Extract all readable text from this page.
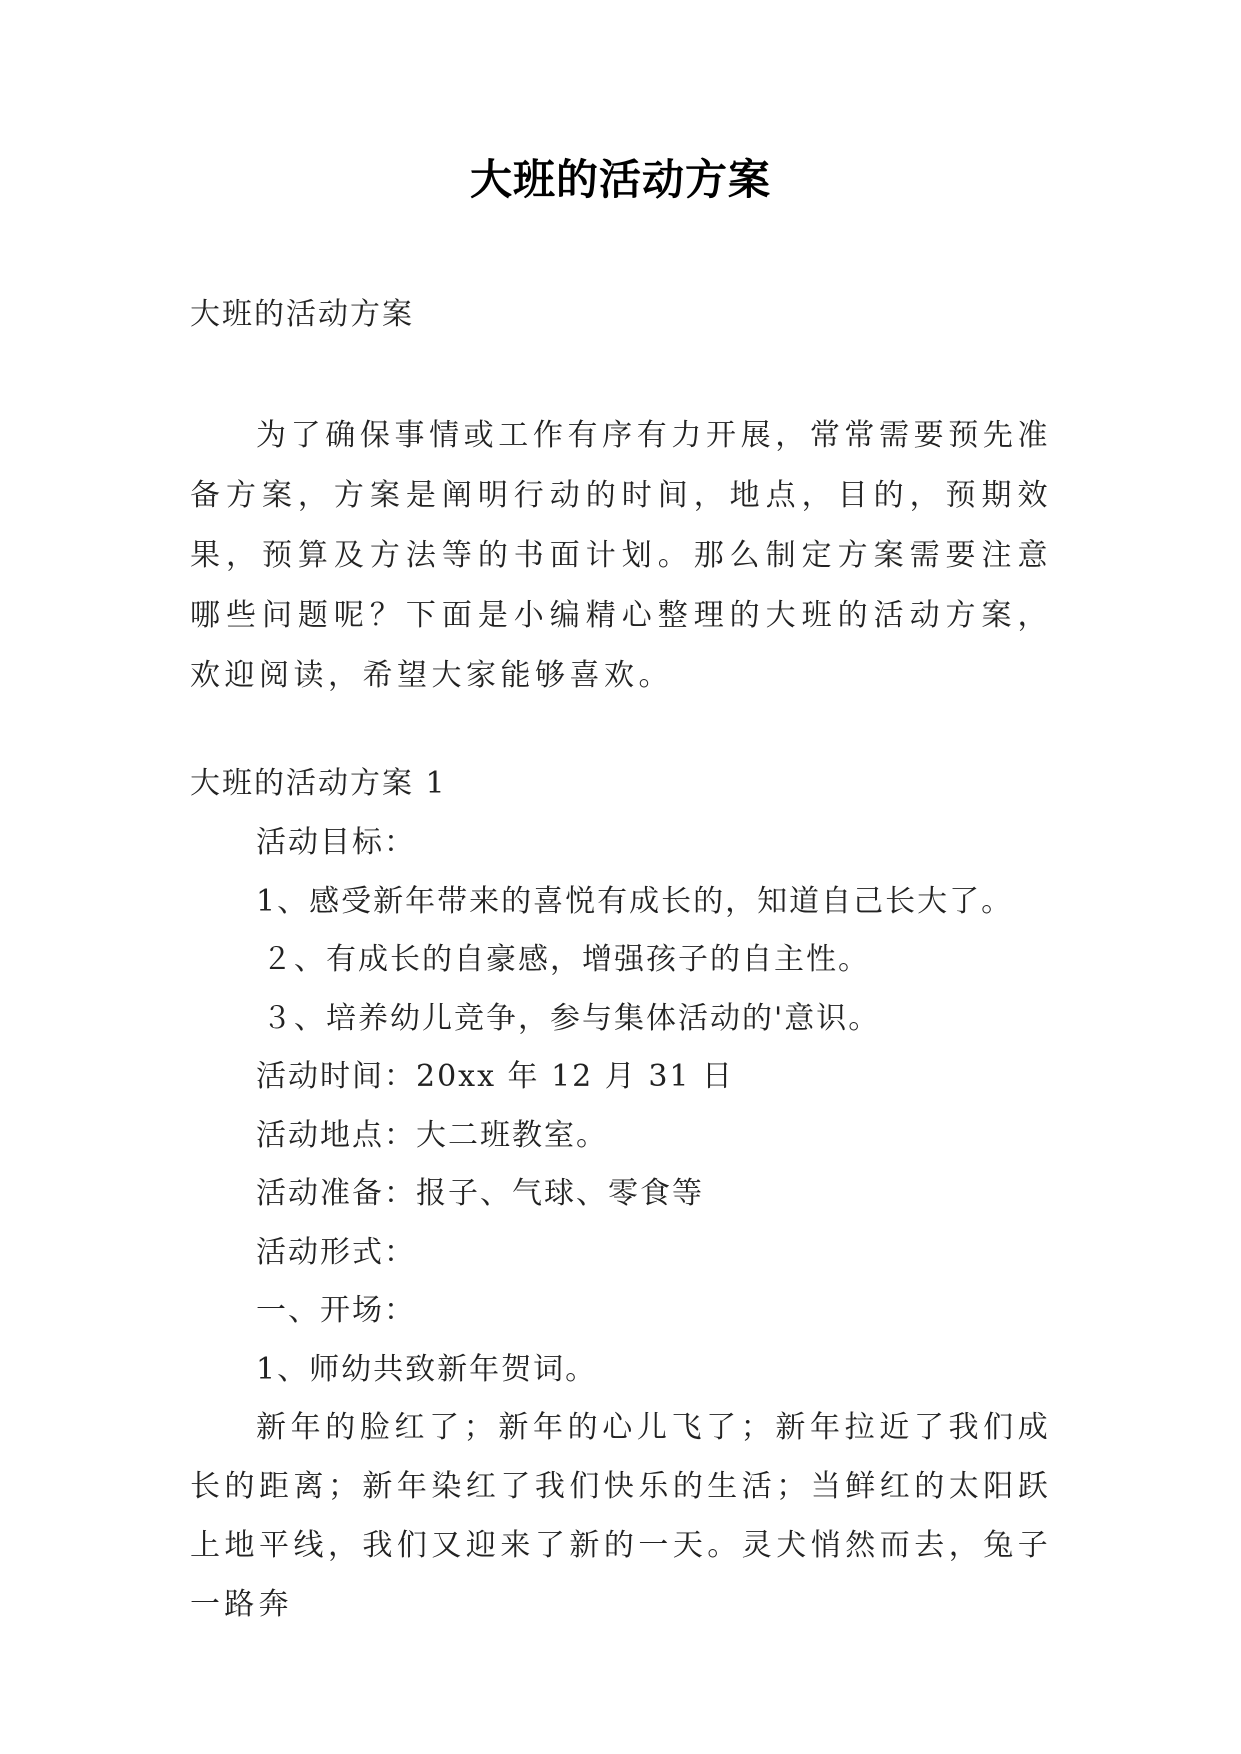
大班的活动方案
大班的活动方案
为了确保事情或工作有序有力开展，常常需要预先准备方案，方案是阐明行动的时间，地点，目的，预期效果，预算及方法等的书面计划。那么制定方案需要注意哪些问题呢？下面是小编精心整理的大班的活动方案，欢迎阅读，希望大家能够喜欢。
大班的活动方案 1
活动目标：
1、感受新年带来的喜悦有成长的，知道自己长大了。
２、有成长的自豪感，增强孩子的自主性。
３、培养幼儿竞争，参与集体活动的'意识。
活动时间：20xx 年 12 月 31 日
活动地点：大二班教室。
活动准备：报子、气球、零食等
活动形式：
一、开场：
1、师幼共致新年贺词。
新年的脸红了；新年的心儿飞了；新年拉近了我们成长的距离；新年染红了我们快乐的生活；当鲜红的太阳跃上地平线，我们又迎来了新的一天。灵犬悄然而去，兔子一路奔
